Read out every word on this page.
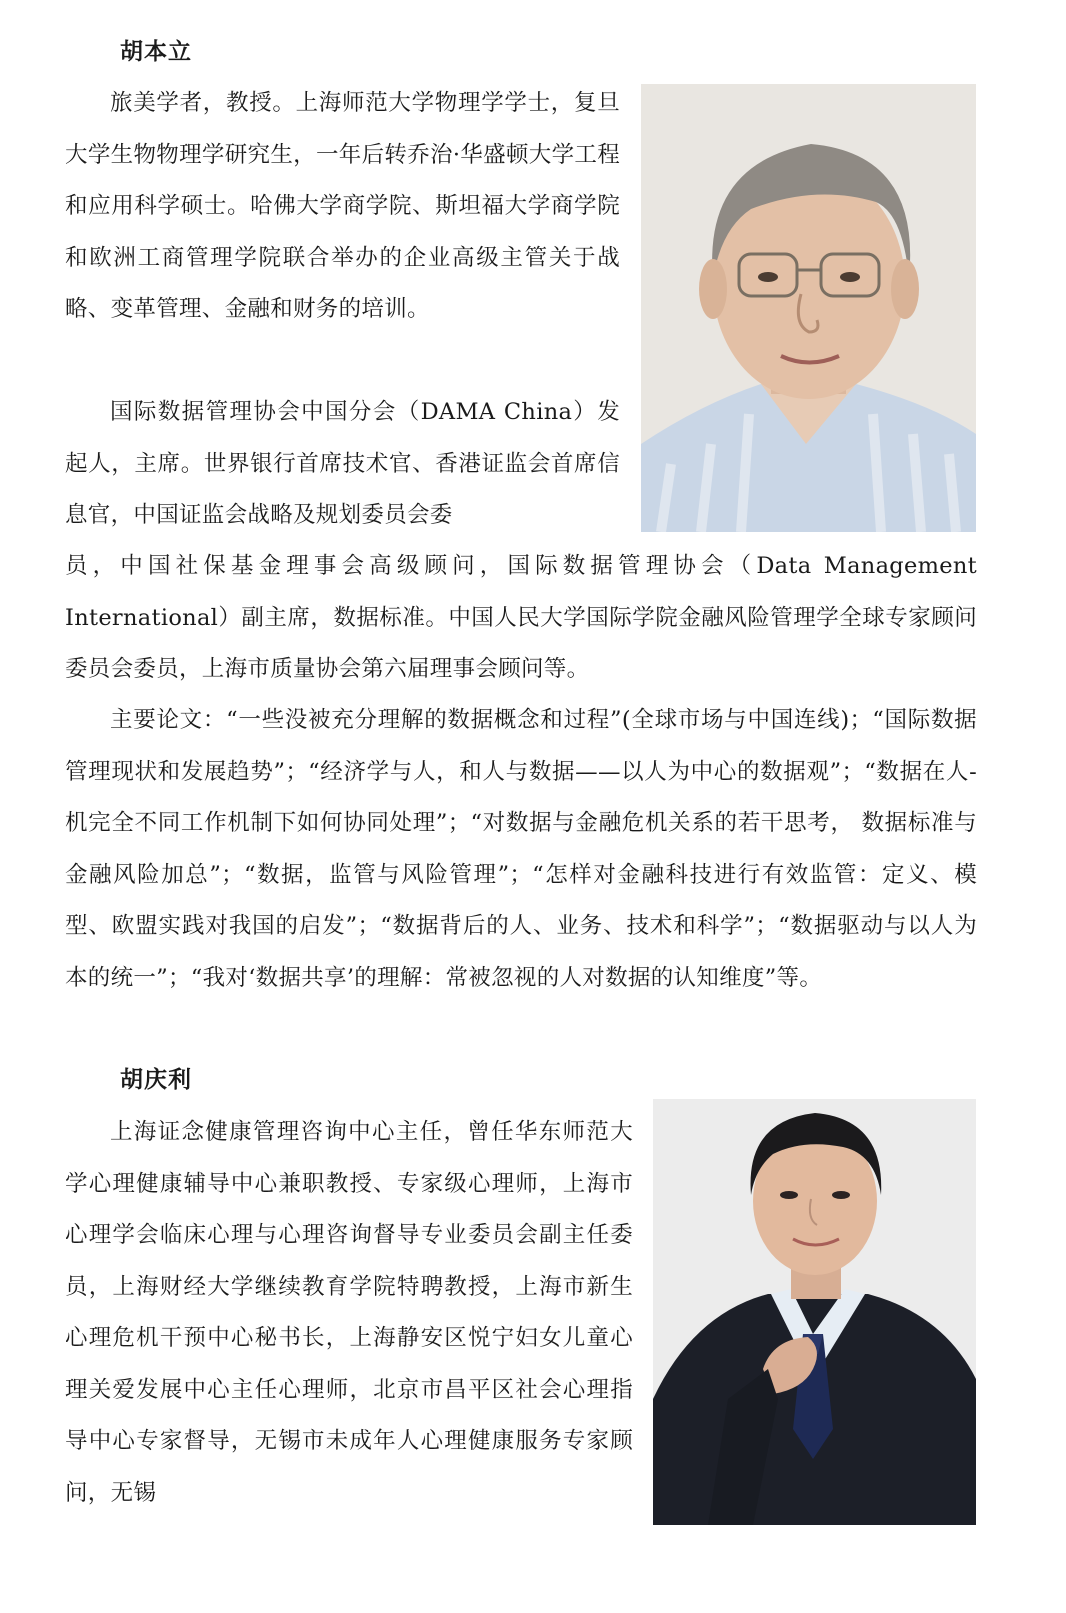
胡本立

旅美学者，教授。上海师范大学物理学学士，复旦大学生物物理学研究生，一年后转乔治·华盛顿大学工程和应用科学硕士。哈佛大学商学院、斯坦福大学商学院和欧洲工商管理学院联合举办的企业高级主管关于战略、变革管理、金融和财务的培训。

国际数据管理协会中国分会（DAMA China）发起人，主席。世界银行首席技术官、香港证监会首席信息官，中国证监会战略及规划委员会委

员，中国社保基金理事会高级顾问，国际数据管理协会（Data Management International）副主席，数据标准。中国人民大学国际学院金融风险管理学全球专家顾问委员会委员，上海市质量协会第六届理事会顾问等。

主要论文：“一些没被充分理解的数据概念和过程”(全球市场与中国连线)；“国际数据管理现状和发展趋势”；“经济学与人，和人与数据——以人为中心的数据观”；“数据在人-机完全不同工作机制下如何协同处理”；“对数据与金融危机关系的若干思考， 数据标准与金融风险加总”；“数据，监管与风险管理”；“怎样对金融科技进行有效监管：定义、模型、欧盟实践对我国的启发”；“数据背后的人、业务、技术和科学”；“数据驱动与以人为本的统一”；“我对‘数据共享’的理解：常被忽视的人对数据的认知维度”等。

胡庆利

上海证念健康管理咨询中心主任，曾任华东师范大学心理健康辅导中心兼职教授、专家级心理师，上海市心理学会临床心理与心理咨询督导专业委员会副主任委员，上海财经大学继续教育学院特聘教授，上海市新生心理危机干预中心秘书长，上海静安区悦宁妇女儿童心理关爱发展中心主任心理师，北京市昌平区社会心理指导中心专家督导，无锡市未成年人心理健康服务专家顾问，无锡
